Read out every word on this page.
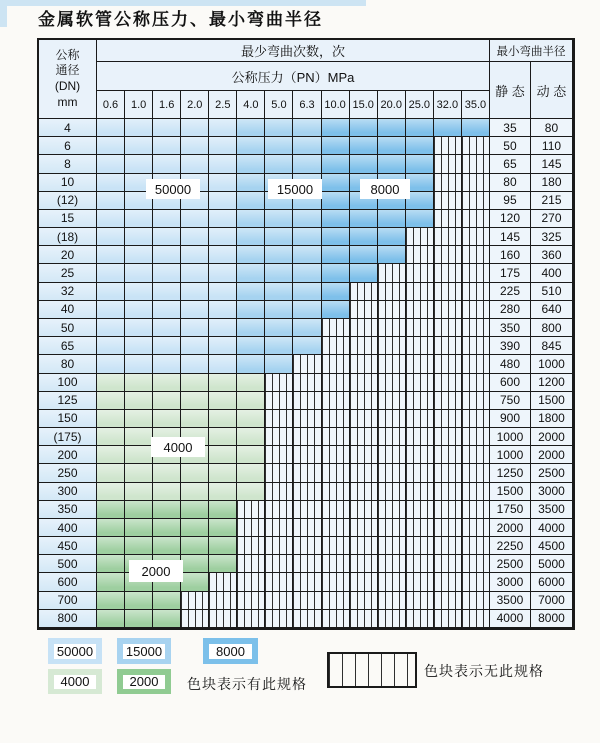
金属软管公称压力、最小弯曲半径
公称
通径
(DN)
mm
最少弯曲次数，次	最小弯曲半径
公称压力（PN）MPa
静 态 动 态
0.6	1.0	1.6	2.0	2.5	4.0	5.0	6.3 10.0 15.0 20.0 25.0 32.0 35.0
4	35	80
6	50	110
8	65	145
10	80	180
(12)	95	215
15	120	270
(18)	145	325
20	160	360
25	175	400
32	225	510
40	280	640
50	350	800
65	390	845
80	480	1000
100	600	1200
125	750	1500
150	900	1800
(175)	1000	2000
200	1000	2000
250	1250	2500
300	1500	3000
350	1750	3500
400	2000	4000
450	2250	4500
500	2500	5000
600	3000	6000
700	3500	7000
800	4000	8000
50000	15000	8000
4000
2000
色块表示有此规格
色块表示无此规格
50000	15000	8000
4000	2000
